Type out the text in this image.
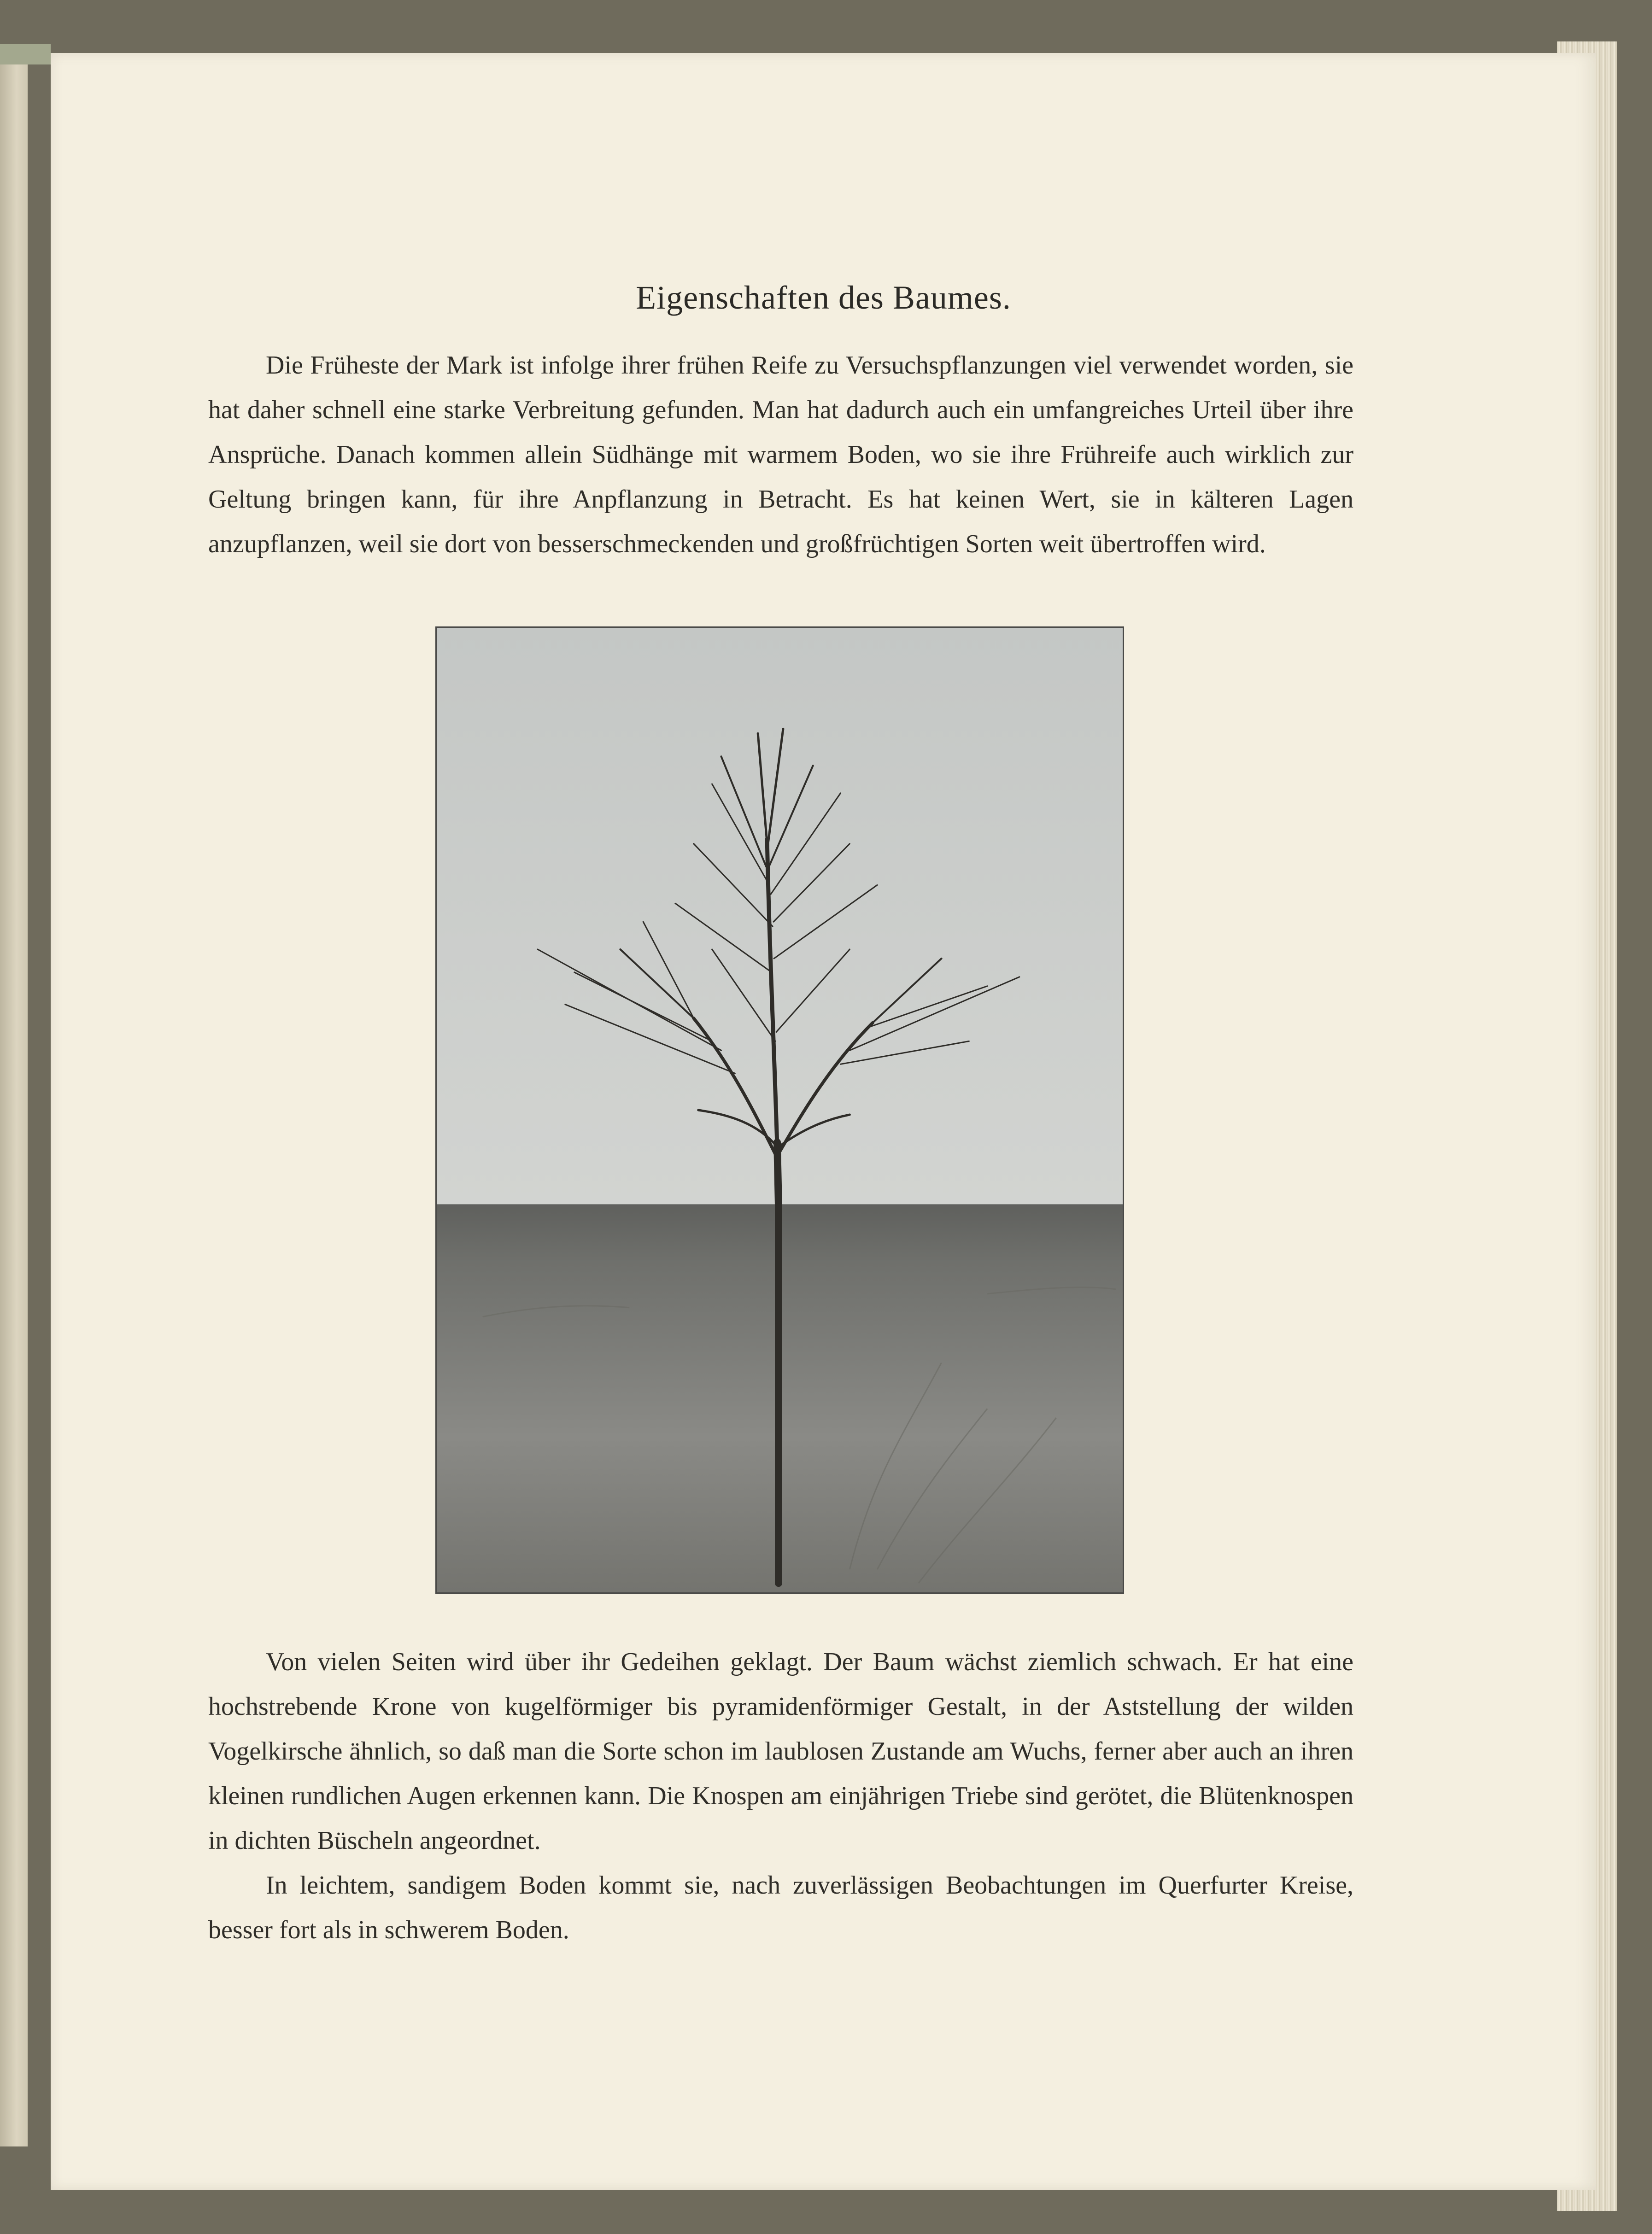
Eigenschaften des Baumes.

Die Früheste der Mark ist infolge ihrer frühen Reife zu Versuchspflanzungen viel verwendet worden, sie hat daher schnell eine starke Verbreitung gefunden. Man hat dadurch auch ein umfangreiches Urteil über ihre Ansprüche. Danach kommen allein Südhänge mit warmem Boden, wo sie ihre Frühreife auch wirklich zur Geltung bringen kann, für ihre Anpflanzung in Betracht. Es hat keinen Wert, sie in kälteren Lagen anzupflanzen, weil sie dort von besserschmeckenden und großfrüchtigen Sorten weit übertroffen wird.

Von vielen Seiten wird über ihr Gedeihen geklagt. Der Baum wächst ziemlich schwach. Er hat eine hochstrebende Krone von kugelförmiger bis pyramidenförmiger Gestalt, in der Aststellung der wilden Vogelkirsche ähnlich, so daß man die Sorte schon im laublosen Zustande am Wuchs, ferner aber auch an ihren kleinen rundlichen Augen erkennen kann. Die Knospen am einjährigen Triebe sind gerötet, die Blütenknospen in dichten Büscheln angeordnet.

In leichtem, sandigem Boden kommt sie, nach zuverlässigen Beobachtungen im Querfurter Kreise, besser fort als in schwerem Boden.
